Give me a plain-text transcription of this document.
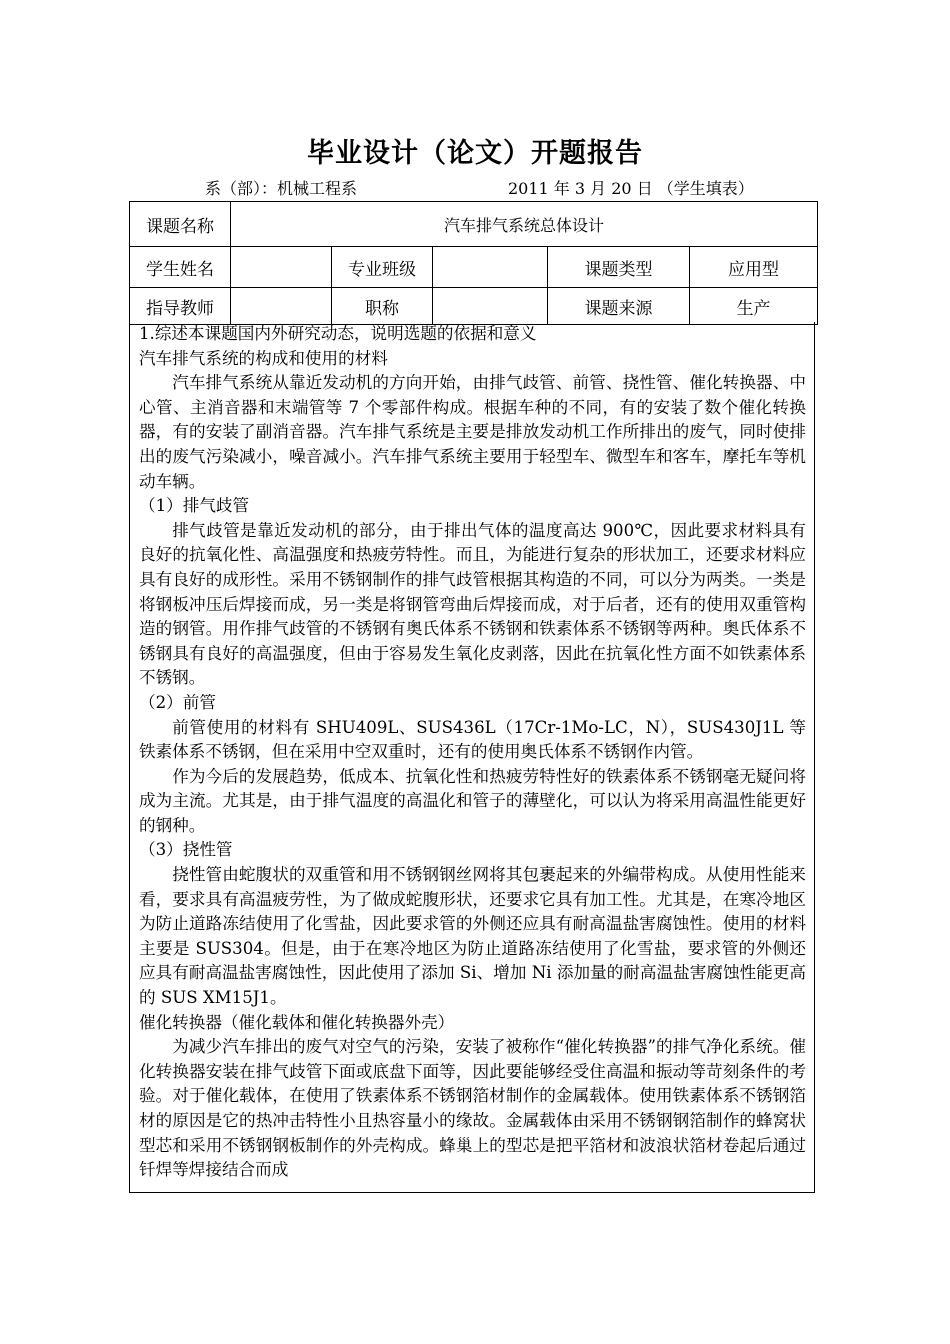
毕业设计（论文）开题报告
系（部）：机械工程系	2011 年 3 月 20 日 （学生填表）
课题名称	汽车排气系统总体设计				
学生姓名		专业班级		课题类型	应用型
指导教师		职称		课题来源	生产

1.综述本课题国内外研究动态，说明选题的依据和意义

汽车排气系统的构成和使用的材料

汽车排气系统从靠近发动机的方向开始，由排气歧管、前管、挠性管、催化转换器、中心管、主消音器和末端管等 7 个零部件构成。根据车种的不同，有的安装了数个催化转换器，有的安装了副消音器。汽车排气系统是主要是排放发动机工作所排出的废气，同时使排出的废气污染减小，噪音减小。汽车排气系统主要用于轻型车、微型车和客车，摩托车等机动车辆。

（1）排气歧管

排气歧管是靠近发动机的部分，由于排出气体的温度高达 900℃，因此要求材料具有良好的抗氧化性、高温强度和热疲劳特性。而且，为能进行复杂的形状加工，还要求材料应具有良好的成形性。采用不锈钢制作的排气歧管根据其构造的不同，可以分为两类。一类是将钢板冲压后焊接而成，另一类是将钢管弯曲后焊接而成，对于后者，还有的使用双重管构造的钢管。用作排气歧管的不锈钢有奥氏体系不锈钢和铁素体系不锈钢等两种。奥氏体系不锈钢具有良好的高温强度，但由于容易发生氧化皮剥落，因此在抗氧化性方面不如铁素体系不锈钢。

（2）前管

前管使用的材料有 SHU409L、SUS436L（17Cr-1Mo-LC，N），SUS430J1L 等铁素体系不锈钢，但在采用中空双重时，还有的使用奥氏体系不锈钢作内管。

作为今后的发展趋势，低成本、抗氧化性和热疲劳特性好的铁素体系不锈钢毫无疑问将成为主流。尤其是，由于排气温度的高温化和管子的薄壁化，可以认为将采用高温性能更好的钢种。

（3）挠性管

挠性管由蛇腹状的双重管和用不锈钢钢丝网将其包裹起来的外编带构成。从使用性能来看，要求具有高温疲劳性，为了做成蛇腹形状，还要求它具有加工性。尤其是，在寒冷地区为防止道路冻结使用了化雪盐，因此要求管的外侧还应具有耐高温盐害腐蚀性。使用的材料主要是 SUS304。但是，由于在寒冷地区为防止道路冻结使用了化雪盐，要求管的外侧还应具有耐高温盐害腐蚀性，因此使用了添加 Si、增加 Ni 添加量的耐高温盐害腐蚀性能更高的 SUS XM15J1。

催化转换器（催化载体和催化转换器外壳）

为减少汽车排出的废气对空气的污染，安装了被称作“催化转换器”的排气净化系统。催化转换器安装在排气歧管下面或底盘下面等，因此要能够经受住高温和振动等苛刻条件的考验。对于催化载体，在使用了铁素体系不锈钢箔材制作的金属载体。使用铁素体系不锈钢箔材的原因是它的热冲击特性小且热容量小的缘故。金属载体由采用不锈钢钢箔制作的蜂窝状型芯和采用不锈钢钢板制作的外壳构成。蜂巢上的型芯是把平箔材和波浪状箔材卷起后通过钎焊等焊接结合而成
